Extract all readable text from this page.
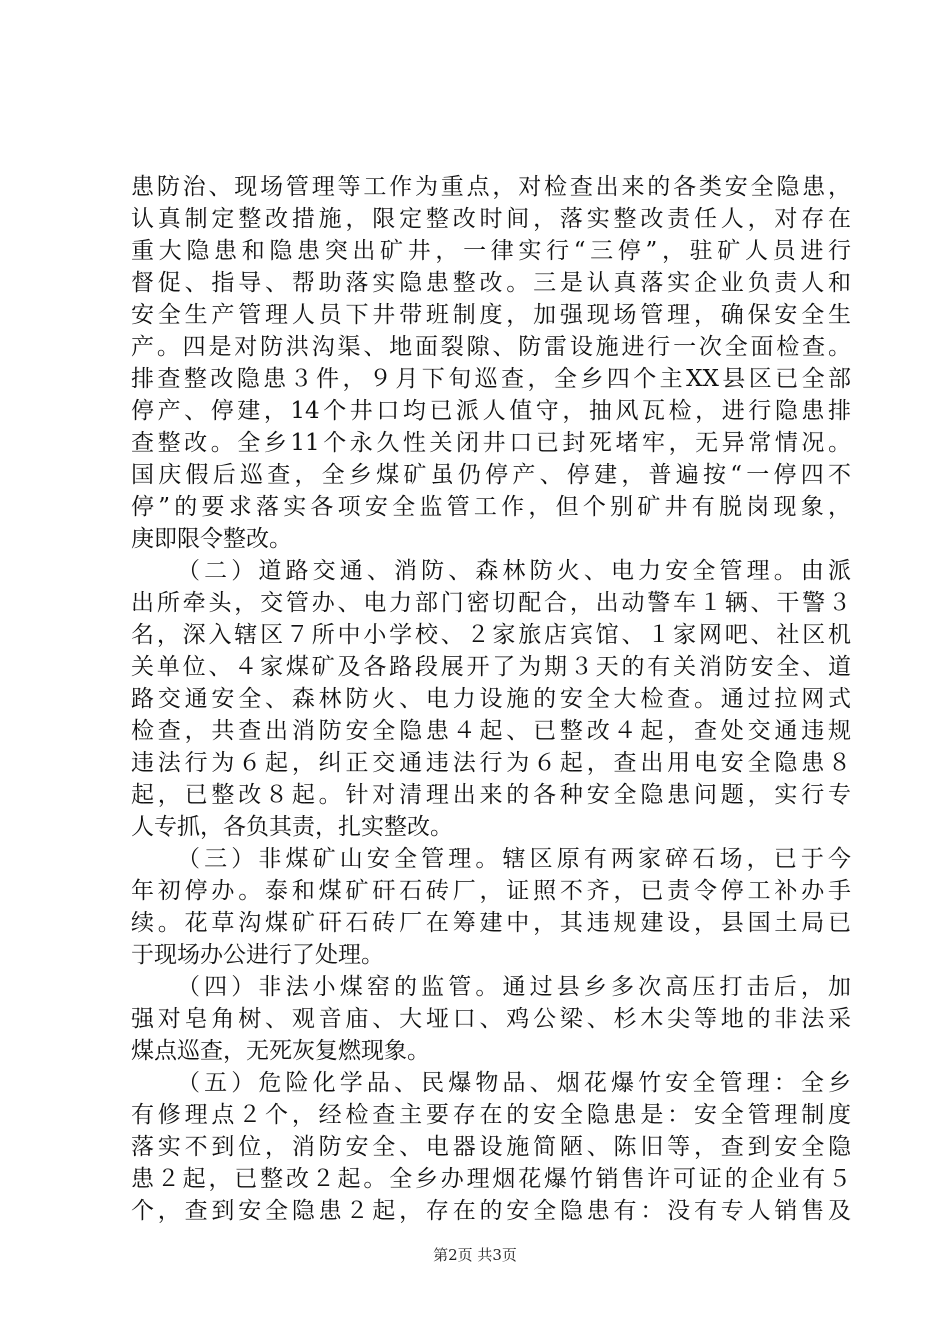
患防治、现场管理等工作为重点，对检查出来的各类安全隐患，
认真制定整改措施，限定整改时间，落实整改责任人，对存在
重大隐患和隐患突出矿井，一律实行“三停”，驻矿人员进行
督促、指导、帮助落实隐患整改。三是认真落实企业负责人和
安全生产管理人员下井带班制度，加强现场管理，确保安全生
产。四是对防洪沟渠、地面裂隙、防雷设施进行一次全面检查。
排查整改隐患３件，９月下旬巡查，全乡四个主XX县区已全部
停产、停建，14个井口均已派人值守，抽风瓦检，进行隐患排
查整改。全乡11个永久性关闭井口已封死堵牢，无异常情况。
国庆假后巡查，全乡煤矿虽仍停产、停建，普遍按“一停四不
停”的要求落实各项安全监管工作，但个别矿井有脱岗现象，
庚即限令整改。
（二）道路交通、消防、森林防火、电力安全管理。由派
出所牵头，交管办、电力部门密切配合，出动警车１辆、干警３
名，深入辖区７所中小学校、２家旅店宾馆、１家网吧、社区机
关单位、４家煤矿及各路段展开了为期３天的有关消防安全、道
路交通安全、森林防火、电力设施的安全大检查。通过拉网式
检查，共查出消防安全隐患４起、已整改４起，查处交通违规
违法行为６起，纠正交通违法行为６起，查出用电安全隐患８
起，已整改８起。针对清理出来的各种安全隐患问题，实行专
人专抓，各负其责，扎实整改。
（三）非煤矿山安全管理。辖区原有两家碎石场，已于今
年初停办。泰和煤矿矸石砖厂，证照不齐，已责令停工补办手
续。花草沟煤矿矸石砖厂在筹建中，其违规建设，县国土局已
于现场办公进行了处理。
（四）非法小煤窑的监管。通过县乡多次高压打击后，加
强对皂角树、观音庙、大垭口、鸡公梁、杉木尖等地的非法采
煤点巡查，无死灰复燃现象。
（五）危险化学品、民爆物品、烟花爆竹安全管理：全乡
有修理点２个，经检查主要存在的安全隐患是：安全管理制度
落实不到位，消防安全、电器设施简陋、陈旧等，查到安全隐
患２起，已整改２起。全乡办理烟花爆竹销售许可证的企业有５
个，查到安全隐患２起，存在的安全隐患有：没有专人销售及
第2页 共3页
